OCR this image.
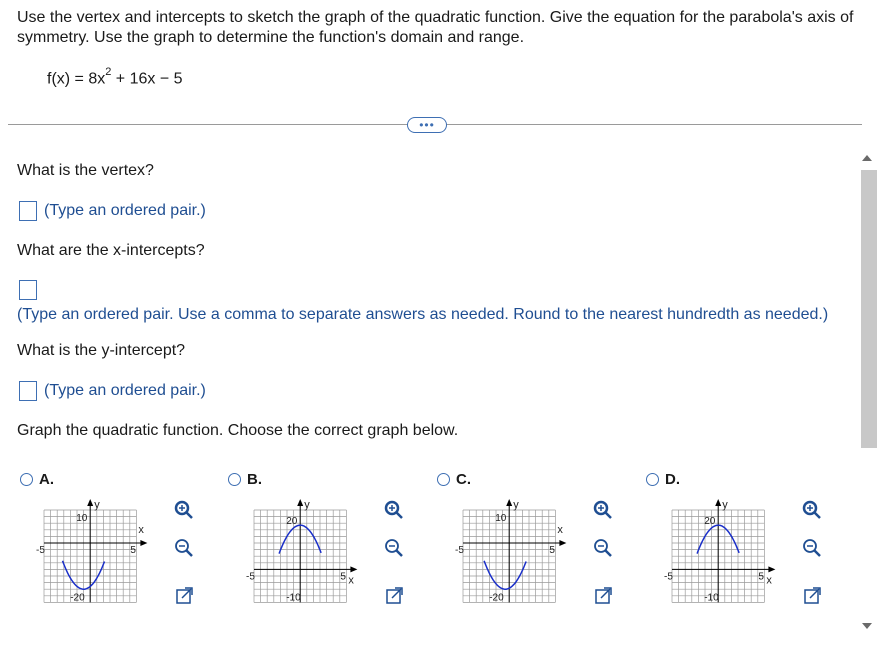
Use the vertex and intercepts to sketch the graph of the quadratic function. Give the equation for the parabola's axis of symmetry. Use the graph to determine the function's domain and range.
$f(x) = 8x^2 + 16x - 5$
•••
What is the vertex?
(Type an ordered pair.)
What are the x-intercepts?
(Type an ordered pair. Use a comma to separate answers as needed. Round to the nearest hundredth as needed.)
What is the y-intercept?
(Type an ordered pair.)
Graph the quadratic function. Choose the correct graph below.
A.	B.	C.	D.
y
x
-5	5
10
-20
y
x
-5	5
20
-10
y
x
-5	5
10
-20
y
x
-5	5
20
-10
